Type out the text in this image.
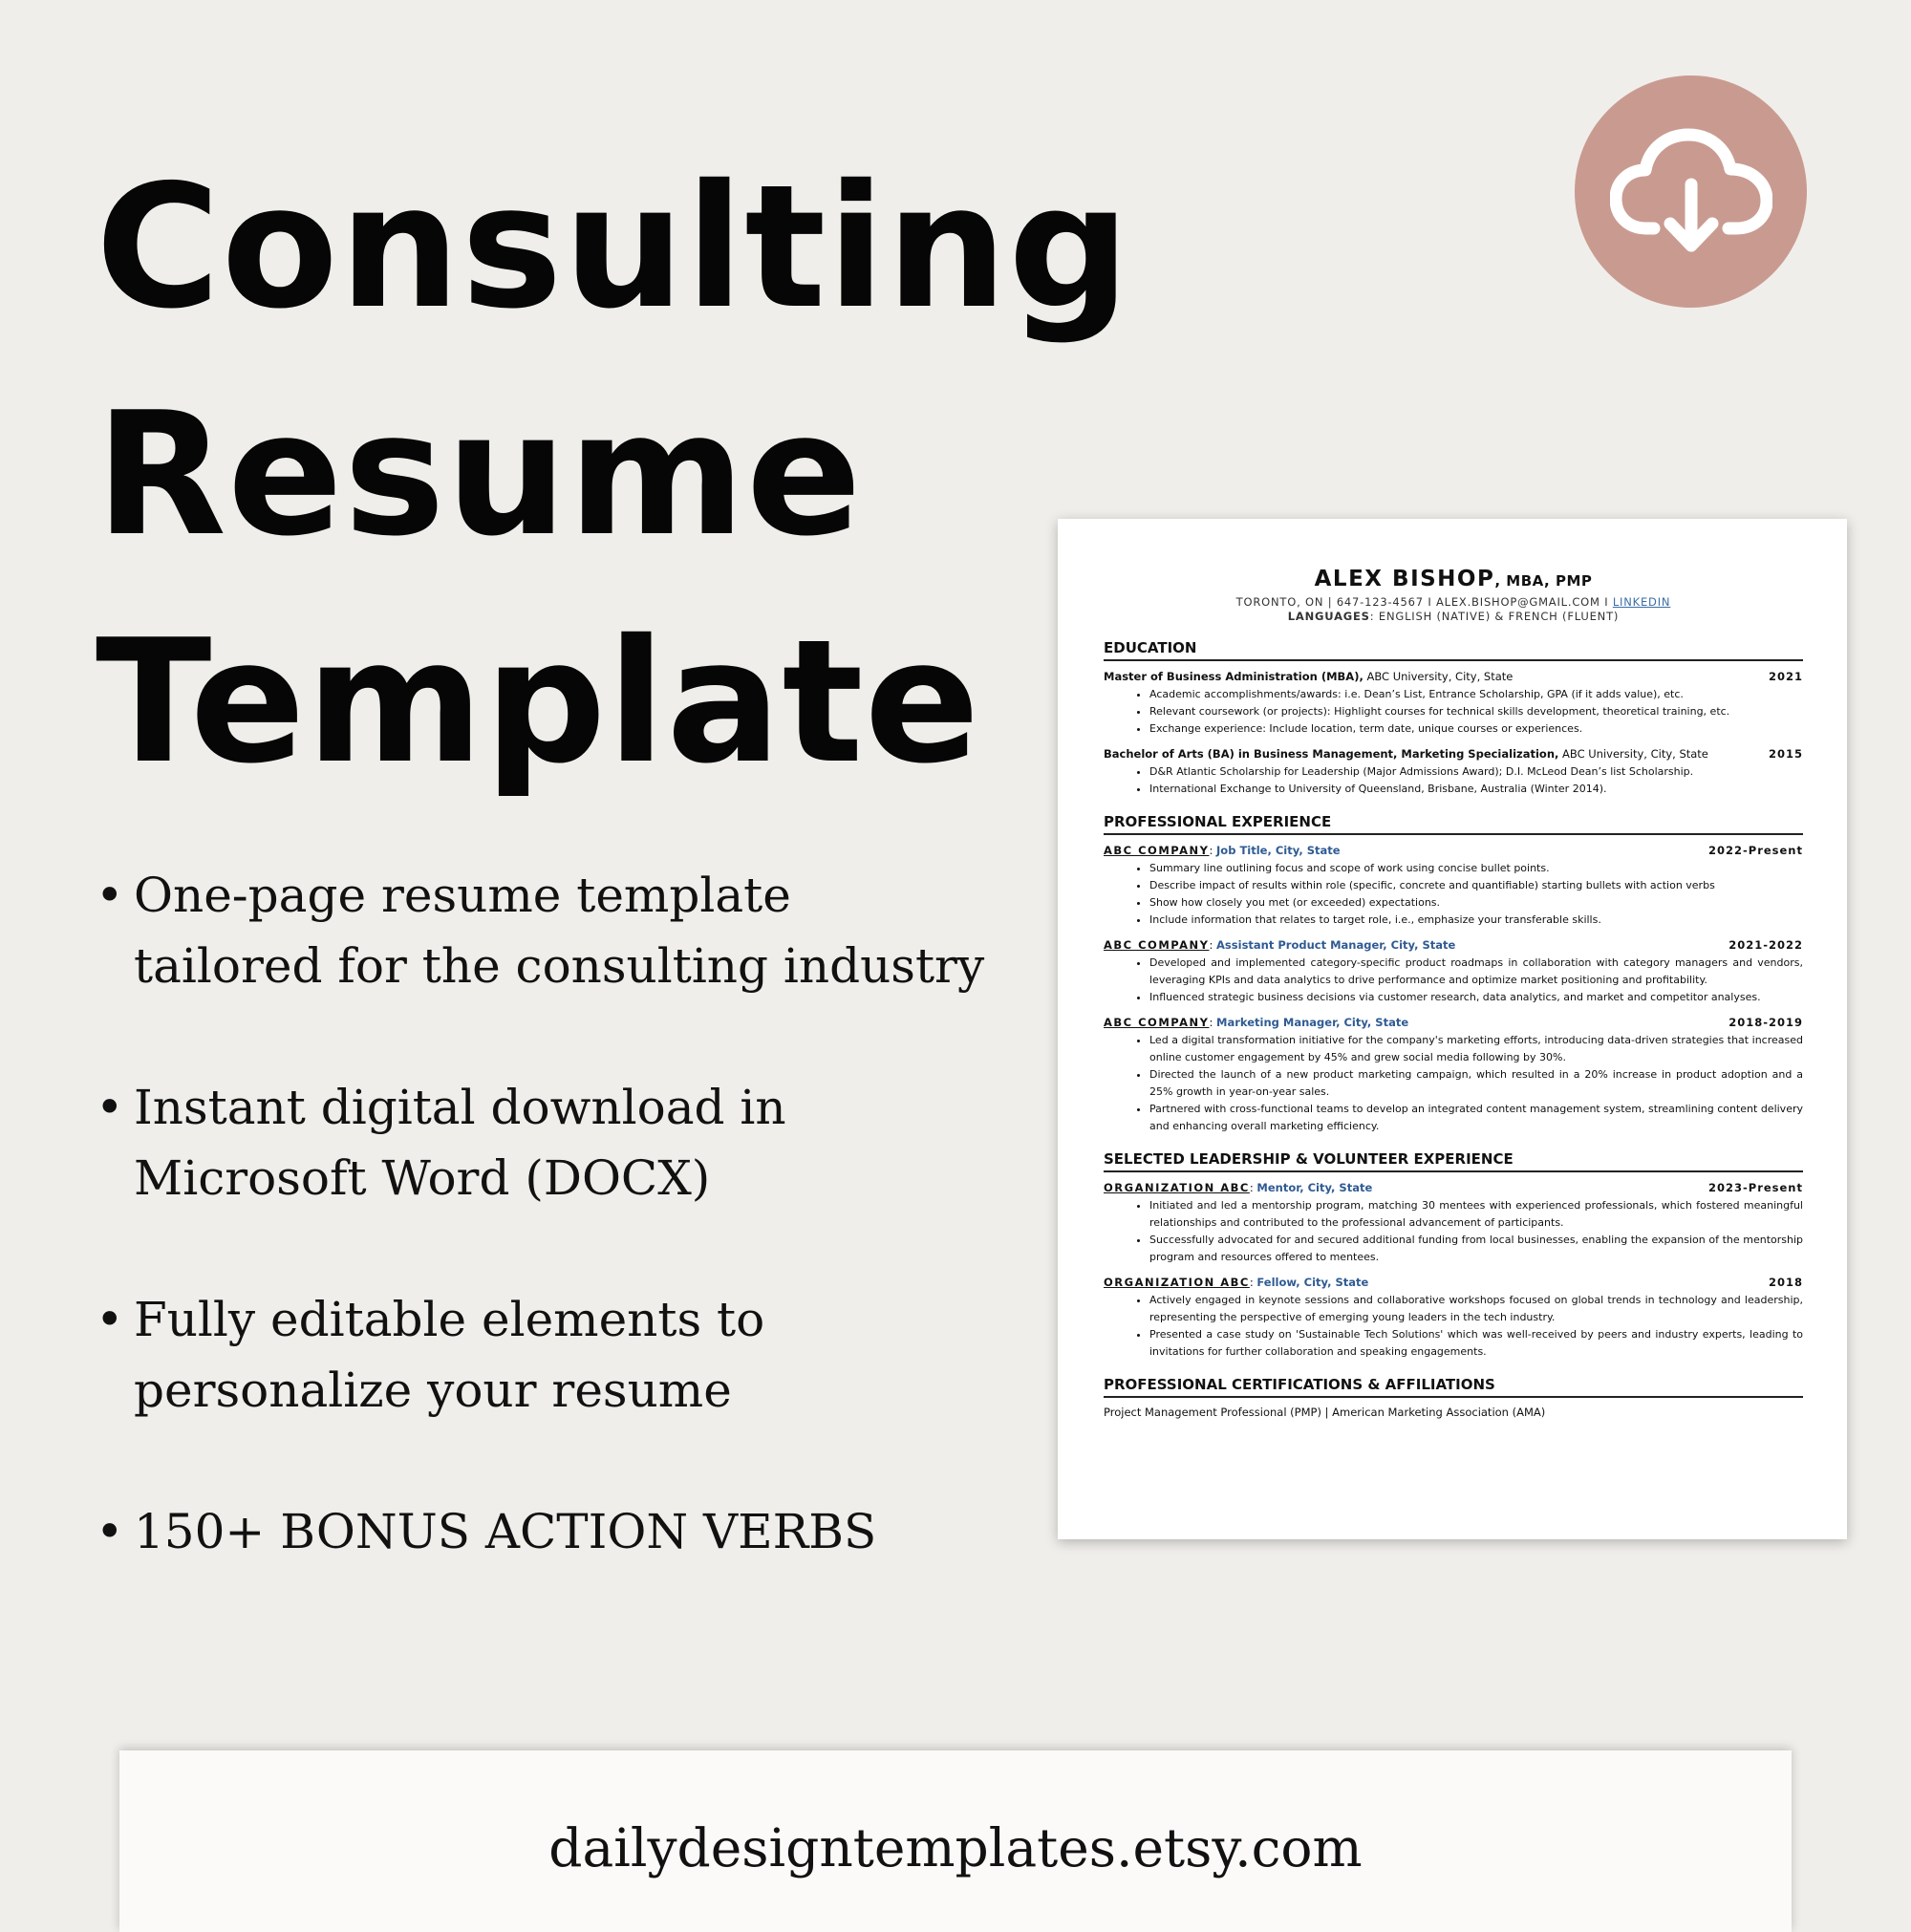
Consulting
Resume
Template
• One-page resume template tailored for the consulting industry
• Instant digital download in Microsoft Word (DOCX)
• Fully editable elements to personalize your resume
• 150+ BONUS ACTION VERBS
ALEX BISHOP, MBA, PMP
TORONTO, ON | 647-123-4567 I ALEX.BISHOP@GMAIL.COM I LINKEDIN
LANGUAGES: ENGLISH (NATIVE) & FRENCH (FLUENT)
EDUCATION
Master of Business Administration (MBA), ABC University, City, State	2021
• Academic accomplishments/awards: i.e. Dean’s List, Entrance Scholarship, GPA (if it adds value), etc.
• Relevant coursework (or projects): Highlight courses for technical skills development, theoretical training, etc.
• Exchange experience: Include location, term date, unique courses or experiences.
Bachelor of Arts (BA) in Business Management, Marketing Specialization, ABC University, City, State	2015
• D&R Atlantic Scholarship for Leadership (Major Admissions Award); D.I. McLeod Dean’s list Scholarship.
• International Exchange to University of Queensland, Brisbane, Australia (Winter 2014).
PROFESSIONAL EXPERIENCE
ABC COMPANY: Job Title, City, State	2022-Present
• Summary line outlining focus and scope of work using concise bullet points.
• Describe impact of results within role (specific, concrete and quantifiable) starting bullets with action verbs
• Show how closely you met (or exceeded) expectations.
• Include information that relates to target role, i.e., emphasize your transferable skills.
ABC COMPANY: Assistant Product Manager, City, State	2021-2022
• Developed and implemented category-specific product roadmaps in collaboration with category managers and vendors, leveraging KPIs and data analytics to drive performance and optimize market positioning and profitability.
• Influenced strategic business decisions via customer research, data analytics, and market and competitor analyses.
ABC COMPANY: Marketing Manager, City, State	2018-2019
• Led a digital transformation initiative for the company's marketing efforts, introducing data-driven strategies that increased online customer engagement by 45% and grew social media following by 30%.
• Directed the launch of a new product marketing campaign, which resulted in a 20% increase in product adoption and a 25% growth in year-on-year sales.
• Partnered with cross-functional teams to develop an integrated content management system, streamlining content delivery and enhancing overall marketing efficiency.
SELECTED LEADERSHIP & VOLUNTEER EXPERIENCE
ORGANIZATION ABC: Mentor, City, State	2023-Present
• Initiated and led a mentorship program, matching 30 mentees with experienced professionals, which fostered meaningful relationships and contributed to the professional advancement of participants.
• Successfully advocated for and secured additional funding from local businesses, enabling the expansion of the mentorship program and resources offered to mentees.
ORGANIZATION ABC: Fellow, City, State	2018
• Actively engaged in keynote sessions and collaborative workshops focused on global trends in technology and leadership, representing the perspective of emerging young leaders in the tech industry.
• Presented a case study on 'Sustainable Tech Solutions' which was well-received by peers and industry experts, leading to invitations for further collaboration and speaking engagements.
PROFESSIONAL CERTIFICATIONS & AFFILIATIONS
Project Management Professional (PMP) | American Marketing Association (AMA)
dailydesigntemplates.etsy.com
